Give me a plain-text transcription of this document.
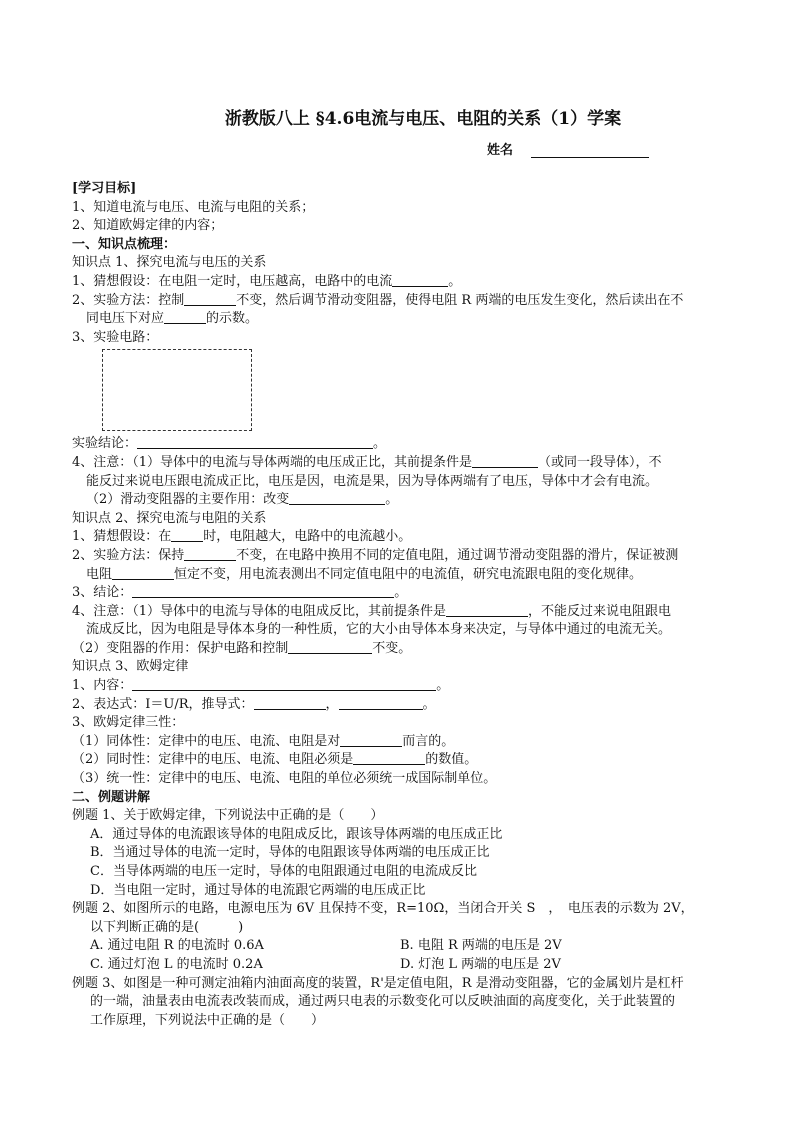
浙教版八上 §4.6电流与电压、电阻的关系（1）学案
姓名
[学习目标]
1、知道电流与电压、电流与电阻的关系；
2、知道欧姆定律的内容；
一、知识点梳理：
知识点 1、探究电流与电压的关系
1、猜想假设：在电阻一定时，电压越高，电路中的电流	。
2、实验方法：控制	不变，然后调节滑动变阻器，使得电阻 R 两端的电压发生变化，然后读出在不
同电压下对应	的示数。
3、实验电路：
实验结论：	。
4、注意：（1）导体中的电流与导体两端的电压成正比，其前提条件是	（或同一段导体），不
能反过来说电压跟电流成正比，电压是因，电流是果，因为导体两端有了电压，导体中才会有电流。
（2）滑动变阻器的主要作用：改变	。
知识点 2、探究电流与电阻的关系
1、猜想假设：在 时，电阻越大，电路中的电流越小。
2、实验方法：保持	不变，在电路中换用不同的定值电阻，通过调节滑动变阻器的滑片，保证被测
电阻	恒定不变，用电流表测出不同定值电阻中的电流值，研究电流跟电阻的变化规律。
3、结论：	。
4、注意：（1）导体中的电流与导体的电阻成反比，其前提条件是	，不能反过来说电阻跟电
流成反比，因为电阻是导体本身的一种性质，它的大小由导体本身来决定，与导体中通过的电流无关。
（2）变阻器的作用：保护电路和控制	不变。
知识点 3、欧姆定律
1、内容：	。
2、表达式：I＝U/R，推导式：	，	。
3、欧姆定律三性：
（1）同体性：定律中的电压、电流、电阻是对	而言的。
（2）同时性：定律中的电压、电流、电阻必须是	的数值。
（3）统一性：定律中的电压、电流、电阻的单位必须统一成国际制单位。
二、例题讲解
例题 1、关于欧姆定律，下列说法中正确的是（　　）
A．通过导体的电流跟该导体的电阻成反比，跟该导体两端的电压成正比
B．当通过导体的电流一定时，导体的电阻跟该导体两端的电压成正比
C．当导体两端的电压一定时，导体的电阻跟通过电阻的电流成反比
D．当电阻一定时，通过导体的电流跟它两端的电压成正比
例题 2、如图所示的电路，电源电压为 6V 且保持不变，R=10Ω，当闭合开关 S　，　电压表的示数为 2V，
以下判断正确的是(　　　)
A. 通过电阻 R 的电流时 0.6A	B. 电阻 R 两端的电压是 2V
C. 通过灯泡 L 的电流时 0.2A	D. 灯泡 L 两端的电压是 2V
例题 3、如图是一种可测定油箱内油面高度的装置，R'是定值电阻，R 是滑动变阻器，它的金属划片是杠杆
的一端，油量表由电流表改装而成，通过两只电表的示数变化可以反映油面的高度变化，关于此装置的
工作原理，下列说法中正确的是（　　）
